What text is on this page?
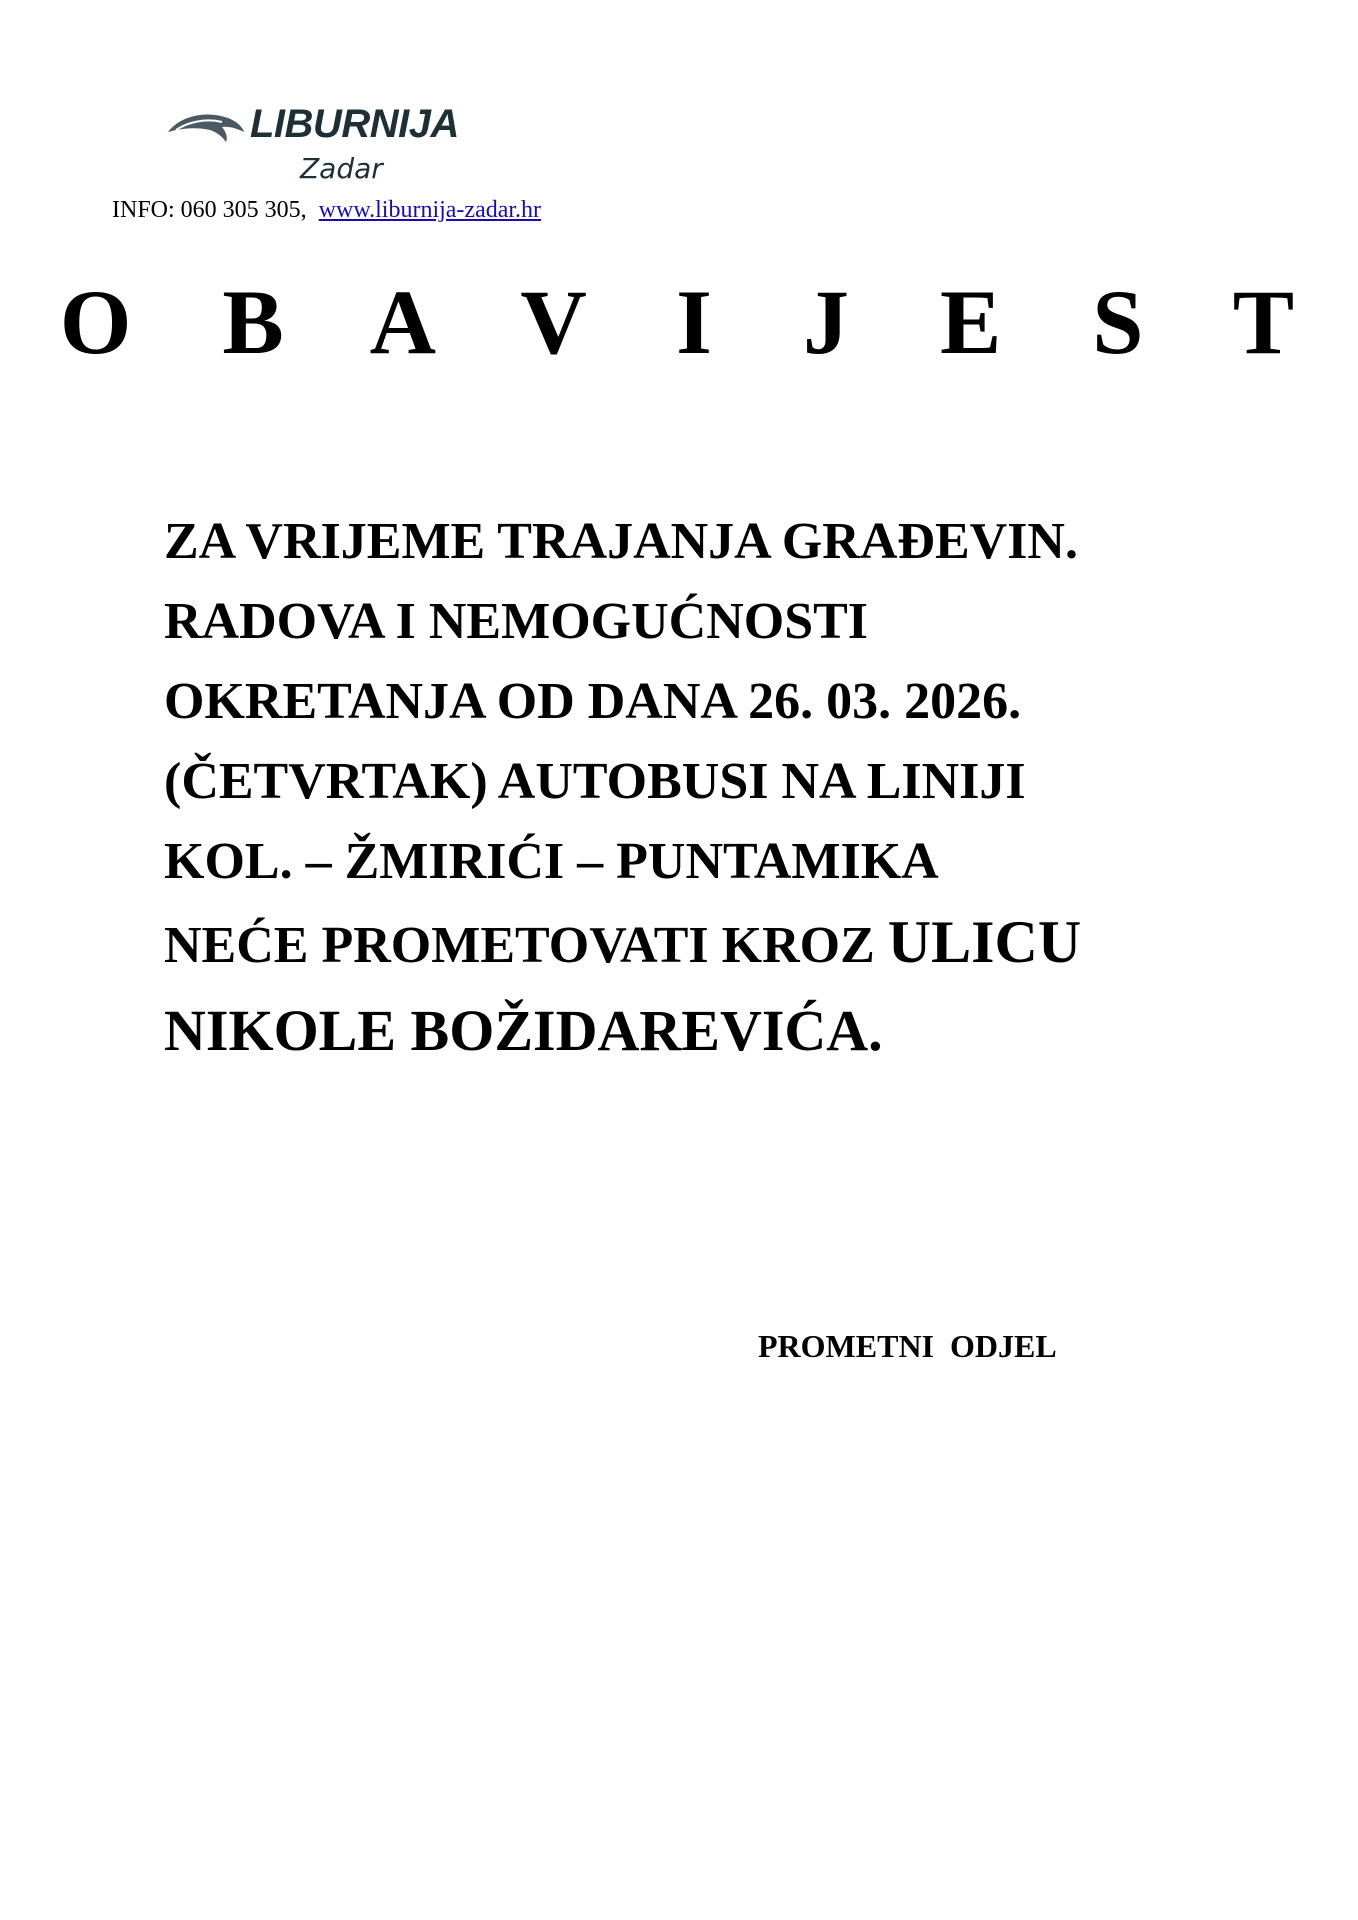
LIBURNIJA
Zadar
INFO: 060 305 305, www.liburnija-zadar.hr
O B A V I J E S T
ZA VRIJEME TRAJANJA GRAĐEVIN.
RADOVA I NEMOGUĆNOSTI
OKRETANJA OD DANA 26. 03. 2026.
(ČETVRTAK) AUTOBUSI NA LINIJI
KOL. – ŽMIRIĆI – PUNTAMIKA
NEĆE PROMETOVATI KROZ ULICU
NIKOLE BOŽIDAREVIĆA.
PROMETNI  ODJEL
